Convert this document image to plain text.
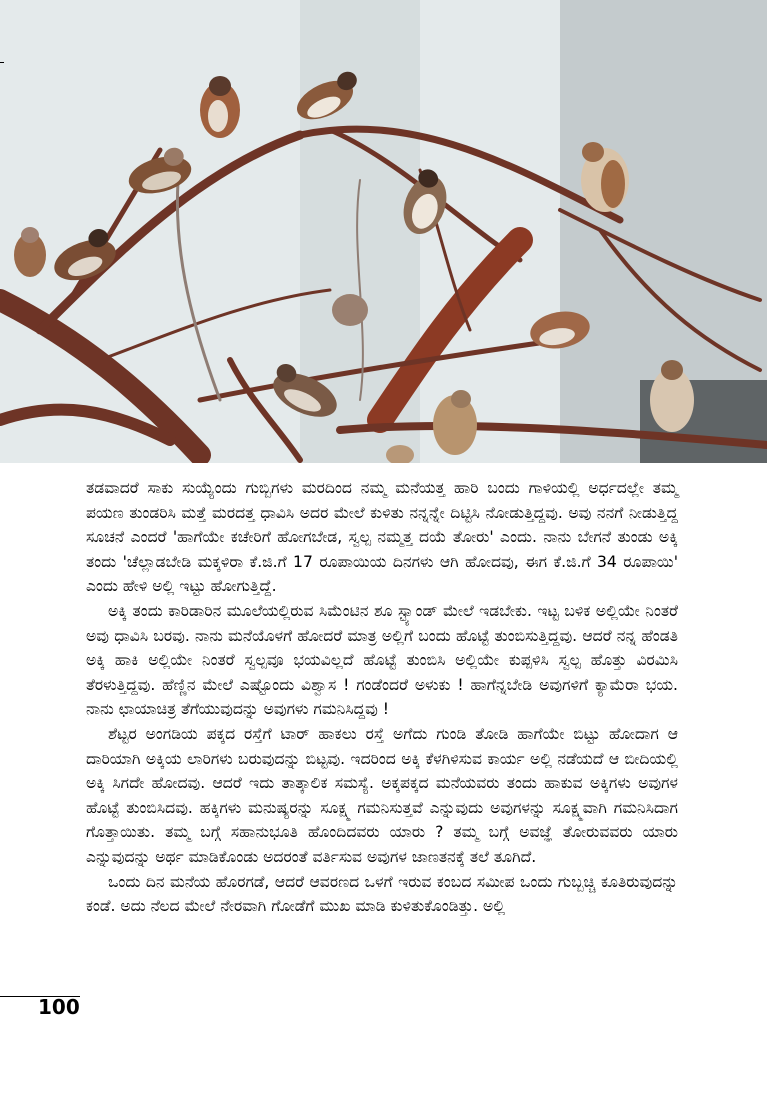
ತಡವಾದರೆ ಸಾಕು ಸುಯ್ಯೆಂದು ಗುಬ್ಬಿಗಳು ಮರದಿಂದ ನಮ್ಮ ಮನೆಯತ್ತ ಹಾರಿ ಬಂದು ಗಾಳಿಯಲ್ಲಿ ಅರ್ಧದಲ್ಲೇ ತಮ್ಮ ಪಯಣ ತುಂಡರಿಸಿ ಮತ್ತೆ ಮರದತ್ತ ಧಾವಿಸಿ ಅದರ ಮೇಲೆ ಕುಳಿತು ನನ್ನನ್ನೇ ದಿಟ್ಟಿಸಿ ನೋಡುತ್ತಿದ್ದವು. ಅವು ನನಗೆ ನೀಡುತ್ತಿದ್ದ ಸೂಚನೆ ಎಂದರೆ 'ಹಾಗೆಯೇ ಕಚೇರಿಗೆ ಹೋಗಬೇಡ, ಸ್ವಲ್ಪ ನಮ್ಮತ್ತ ದಯೆ ತೋರು' ಎಂದು. ನಾನು ಬೇಗನೆ ತುಂಡು ಅಕ್ಕಿ ತಂದು 'ಚೆಲ್ಲಾಡಬೇಡಿ ಮಕ್ಕಳಿರಾ ಕೆ.ಜಿ.ಗೆ 17 ರೂಪಾಯಿಯ ದಿನಗಳು ಆಗಿ ಹೋದವು, ಈಗ ಕೆ.ಜಿ.ಗೆ 34 ರೂಪಾಯಿ' ಎಂದು ಹೇಳಿ ಅಲ್ಲಿ ಇಟ್ಟು ಹೋಗುತ್ತಿದ್ದೆ.

ಅಕ್ಕಿ ತಂದು ಕಾರಿಡಾರಿನ ಮೂಲೆಯಲ್ಲಿರುವ ಸಿಮೆಂಟಿನ ಶೂ ಸ್ಟ್ಯಾಂಡ್ ಮೇಲೆ ಇಡಬೇಕು. ಇಟ್ಟ ಬಳಿಕ ಅಲ್ಲಿಯೇ ನಿಂತರೆ ಅವು ಧಾವಿಸಿ ಬರವು. ನಾನು ಮನೆಯೊಳಗೆ ಹೋದರೆ ಮಾತ್ರ ಅಲ್ಲಿಗೆ ಬಂದು ಹೊಟ್ಟೆ ತುಂಬಿಸುತ್ತಿದ್ದವು. ಆದರೆ ನನ್ನ ಹೆಂಡತಿ ಅಕ್ಕಿ ಹಾಕಿ ಅಲ್ಲಿಯೇ ನಿಂತರೆ ಸ್ವಲ್ಪವೂ ಭಯವಿಲ್ಲದೆ ಹೊಟ್ಟೆ ತುಂಬಿಸಿ ಅಲ್ಲಿಯೇ ಕುಪ್ಪಳಿಸಿ ಸ್ವಲ್ಪ ಹೊತ್ತು ವಿರಮಿಸಿ ತೆರಳುತ್ತಿದ್ದವು. ಹೆಣ್ಣಿನ ಮೇಲೆ ಎಷ್ಟೊಂದು ವಿಶ್ವಾಸ ! ಗಂಡೆಂದರೆ ಅಳುಕು ! ಹಾಗೆನ್ನಬೇಡಿ ಅವುಗಳಿಗೆ ಕ್ಯಾಮೆರಾ ಭಯ. ನಾನು ಛಾಯಾಚಿತ್ರ ತೆಗೆಯುವುದನ್ನು ಅವುಗಳು ಗಮನಿಸಿದ್ದವು !

ಶೆಟ್ಟರ ಅಂಗಡಿಯ ಪಕ್ಕದ ರಸ್ತೆಗೆ ಟಾರ್ ಹಾಕಲು ರಸ್ತೆ ಅಗೆದು ಗುಂಡಿ ತೋಡಿ ಹಾಗೆಯೇ ಬಿಟ್ಟು ಹೋದಾಗ ಆ ದಾರಿಯಾಗಿ ಅಕ್ಕಿಯ ಲಾರಿಗಳು ಬರುವುದನ್ನು ಬಿಟ್ಟವು. ಇದರಿಂದ ಅಕ್ಕಿ ಕೆಳಗಿಳಿಸುವ ಕಾರ್ಯ ಅಲ್ಲಿ ನಡೆಯದೆ ಆ ಬೀದಿಯಲ್ಲಿ ಅಕ್ಕಿ ಸಿಗದೇ ಹೋದವು. ಆದರೆ ಇದು ತಾತ್ಕಾಲಿಕ ಸಮಸ್ಯೆ. ಅಕ್ಕಪಕ್ಕದ ಮನೆಯವರು ತಂದು ಹಾಕುವ ಅಕ್ಕಿಗಳು ಅವುಗಳ ಹೊಟ್ಟೆ ತುಂಬಿಸಿದವು. ಹಕ್ಕಿಗಳು ಮನುಷ್ಯರನ್ನು ಸೂಕ್ಷ್ಮ ಗಮನಿಸುತ್ತವೆ ಎನ್ನುವುದು ಅವುಗಳನ್ನು ಸೂಕ್ಷ್ಮವಾಗಿ ಗಮನಿಸಿದಾಗ ಗೊತ್ತಾಯಿತು. ತಮ್ಮ ಬಗ್ಗೆ ಸಹಾನುಭೂತಿ ಹೊಂದಿದವರು ಯಾರು ? ತಮ್ಮ ಬಗ್ಗೆ ಅವಜ್ಞೆ ತೋರುವವರು ಯಾರು ಎನ್ನುವುದನ್ನು ಅರ್ಥ ಮಾಡಿಕೊಂಡು ಅದರಂತೆ ವರ್ತಿಸುವ ಅವುಗಳ ಜಾಣತನಕ್ಕೆ ತಲೆ ತೂಗಿದೆ.

ಒಂದು ದಿನ ಮನೆಯ ಹೊರಗಡೆ, ಆದರೆ ಆವರಣದ ಒಳಗೆ ಇರುವ ಕಂಬದ ಸಮೀಪ ಒಂದು ಗುಬ್ಬಚ್ಚಿ ಕೂತಿರುವುದನ್ನು ಕಂಡೆ. ಅದು ನೆಲದ ಮೇಲೆ ನೇರವಾಗಿ ಗೋಡೆಗೆ ಮುಖ ಮಾಡಿ ಕುಳಿತುಕೊಂಡಿತ್ತು. ಅಲ್ಲಿ

100
